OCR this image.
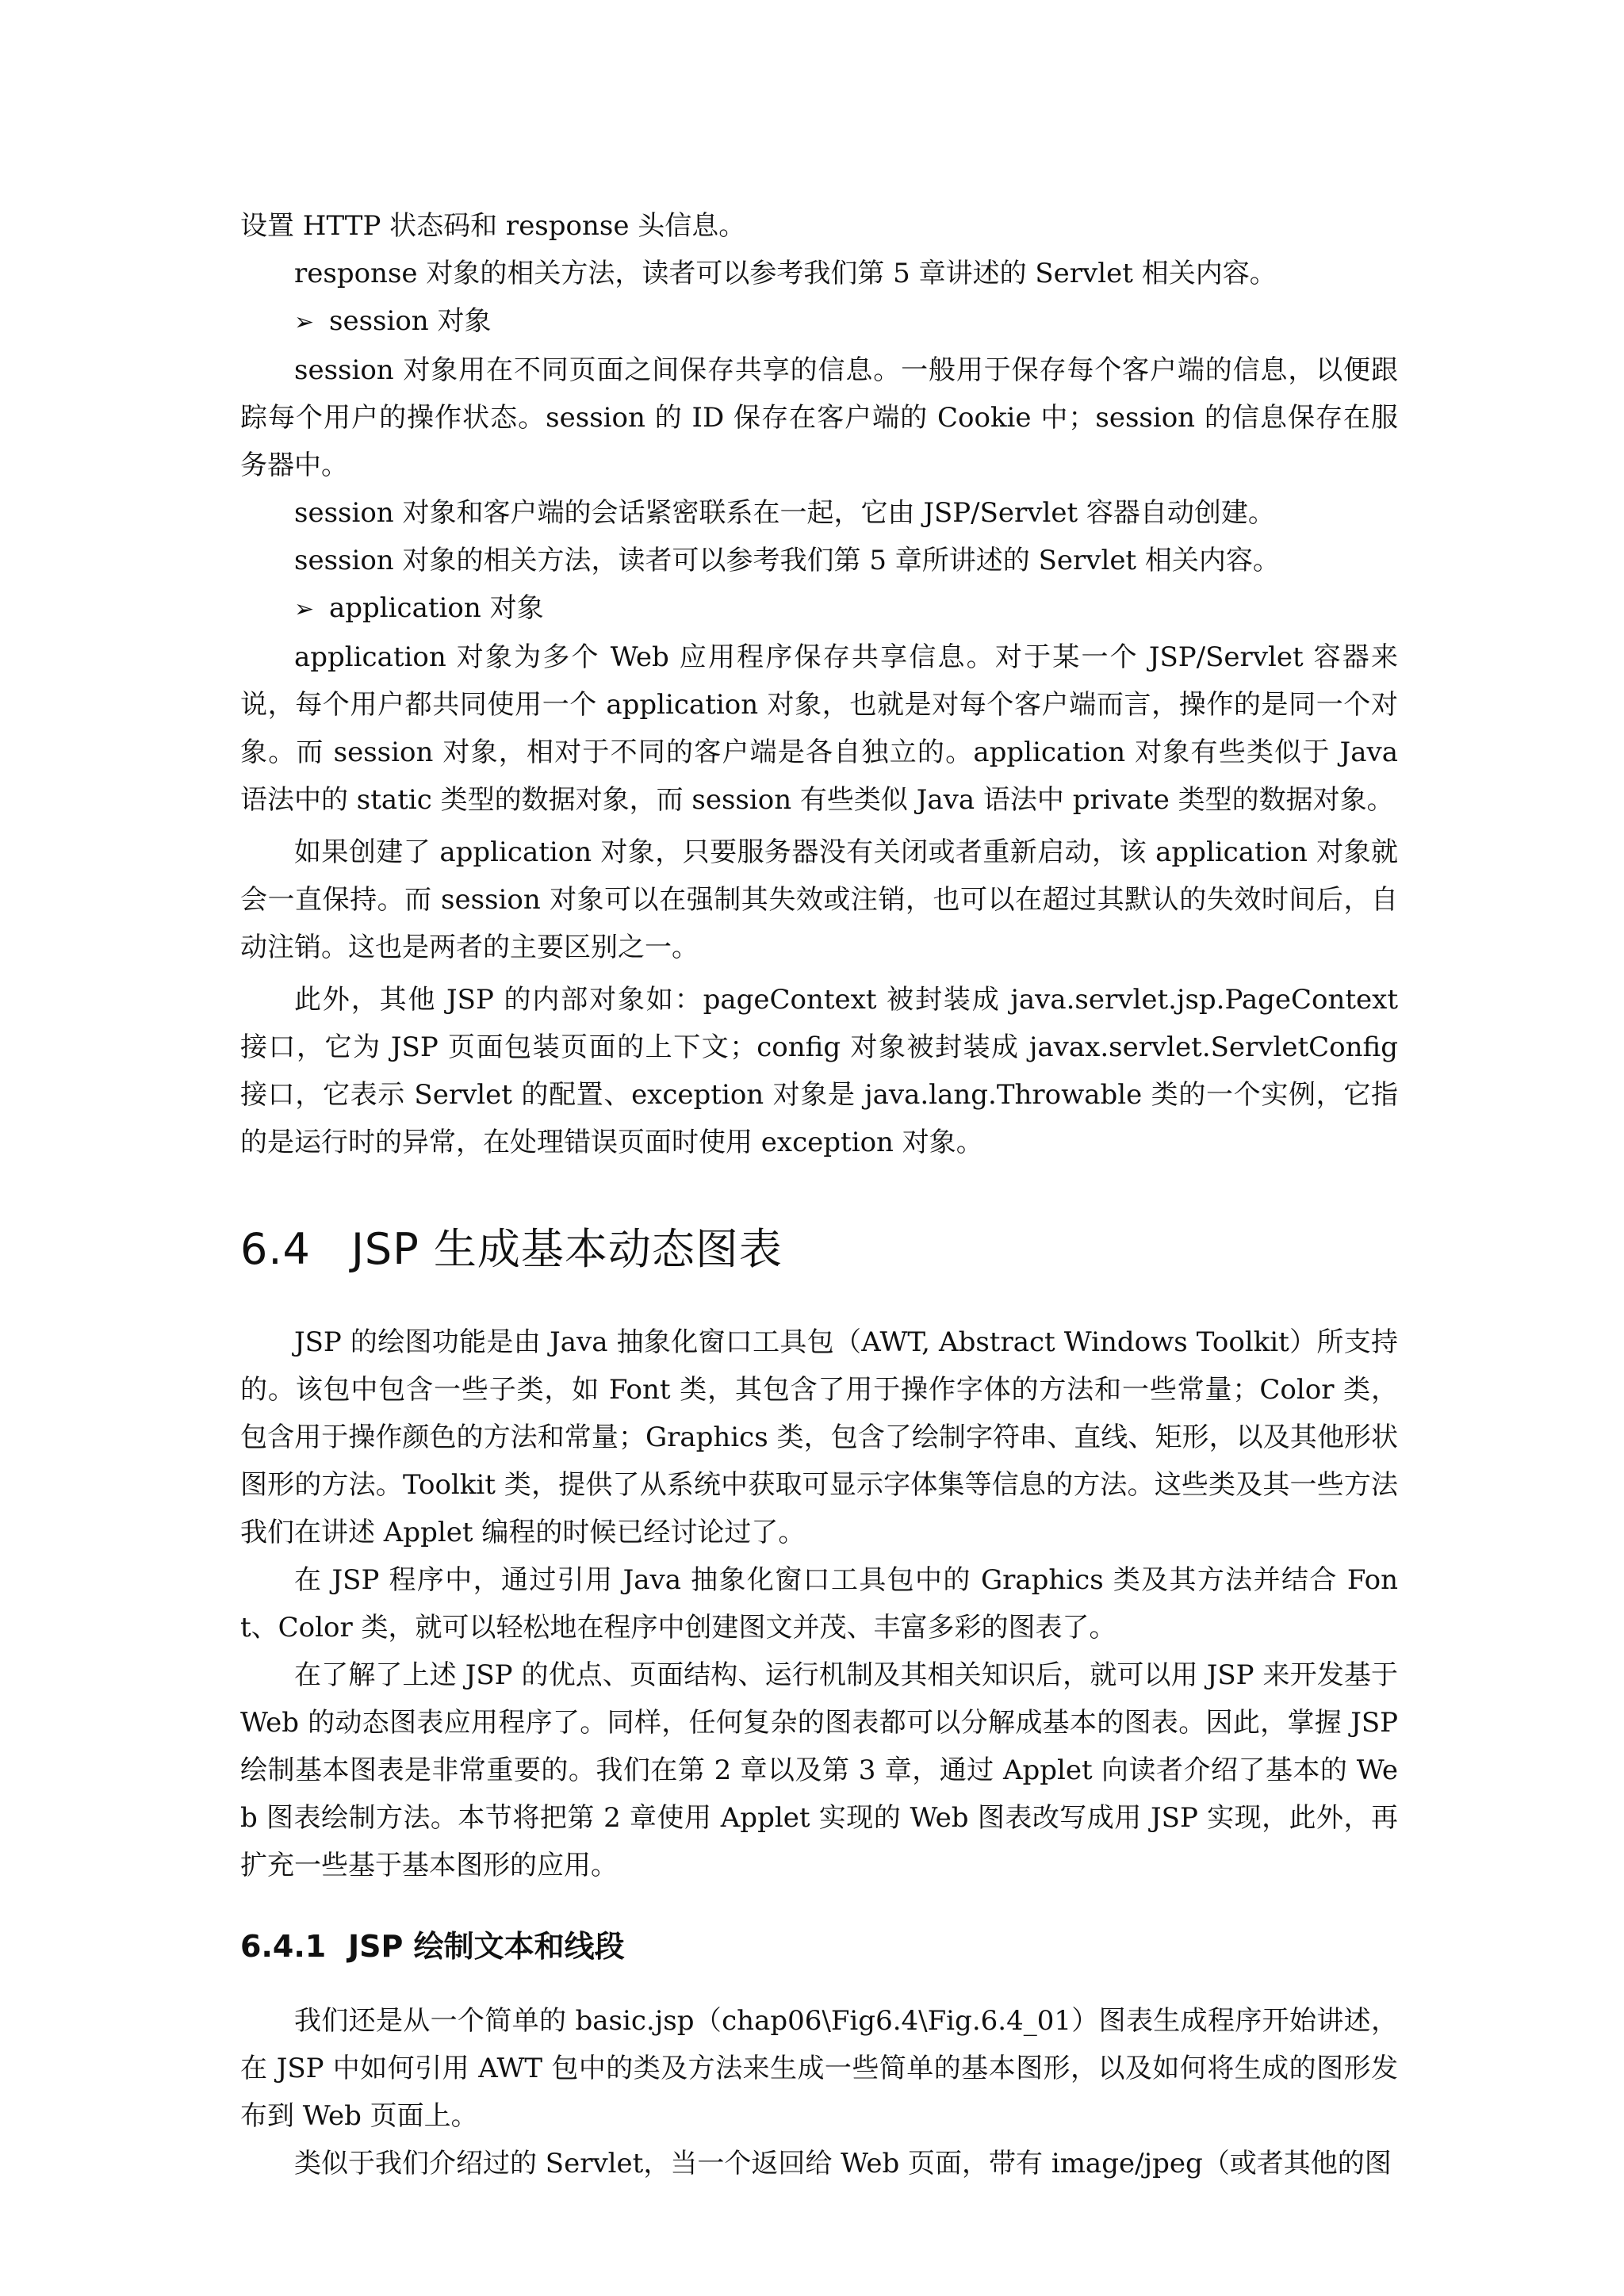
设置 HTTP 状态码和 response 头信息。

response 对象的相关方法，读者可以参考我们第 5 章讲述的 Servlet 相关内容。

➢ session 对象

session 对象用在不同页面之间保存共享的信息。一般用于保存每个客户端的信息，以便跟踪每个用户的操作状态。session 的 ID 保存在客户端的 Cookie 中；session 的信息保存在服务器中。

session 对象和客户端的会话紧密联系在一起，它由 JSP/Servlet 容器自动创建。

session 对象的相关方法，读者可以参考我们第 5 章所讲述的 Servlet 相关内容。

➢ application 对象

application 对象为多个 Web 应用程序保存共享信息。对于某一个 JSP/Servlet 容器来说，每个用户都共同使用一个 application 对象，也就是对每个客户端而言，操作的是同一个对象。而 session 对象，相对于不同的客户端是各自独立的。application 对象有些类似于 Java 语法中的 static 类型的数据对象，而 session 有些类似 Java 语法中 private 类型的数据对象。

如果创建了 application 对象，只要服务器没有关闭或者重新启动，该 application 对象就会一直保持。而 session 对象可以在强制其失效或注销，也可以在超过其默认的失效时间后，自动注销。这也是两者的主要区别之一。

此外，其他 JSP 的内部对象如：pageContext 被封装成 java.servlet.jsp.PageContext 接口，它为 JSP 页面包装页面的上下文；config 对象被封装成 javax.servlet.ServletConfig 接口，它表示 Servlet 的配置、exception 对象是 java.lang.Throwable 类的一个实例，它指的是运行时的异常，在处理错误页面时使用 exception 对象。

6.4 JSP 生成基本动态图表

JSP 的绘图功能是由 Java 抽象化窗口工具包（AWT, Abstract Windows Toolkit）所支持的。该包中包含一些子类，如 Font 类，其包含了用于操作字体的方法和一些常量；Color 类，包含用于操作颜色的方法和常量；Graphics 类，包含了绘制字符串、直线、矩形，以及其他形状图形的方法。Toolkit 类，提供了从系统中获取可显示字体集等信息的方法。这些类及其一些方法我们在讲述 Applet 编程的时候已经讨论过了。

在 JSP 程序中，通过引用 Java 抽象化窗口工具包中的 Graphics 类及其方法并结合 Font、Color 类，就可以轻松地在程序中创建图文并茂、丰富多彩的图表了。

在了解了上述 JSP 的优点、页面结构、运行机制及其相关知识后，就可以用 JSP 来开发基于 Web 的动态图表应用程序了。同样，任何复杂的图表都可以分解成基本的图表。因此，掌握 JSP 绘制基本图表是非常重要的。我们在第 2 章以及第 3 章，通过 Applet 向读者介绍了基本的 Web 图表绘制方法。本节将把第 2 章使用 Applet 实现的 Web 图表改写成用 JSP 实现，此外，再扩充一些基于基本图形的应用。

6.4.1 JSP 绘制文本和线段

我们还是从一个简单的 basic.jsp（chap06\Fig6.4\Fig.6.4_01）图表生成程序开始讲述，在 JSP 中如何引用 AWT 包中的类及方法来生成一些简单的基本图形，以及如何将生成的图形发布到 Web 页面上。

类似于我们介绍过的 Servlet，当一个返回给 Web 页面，带有 image/jpeg（或者其他的图
